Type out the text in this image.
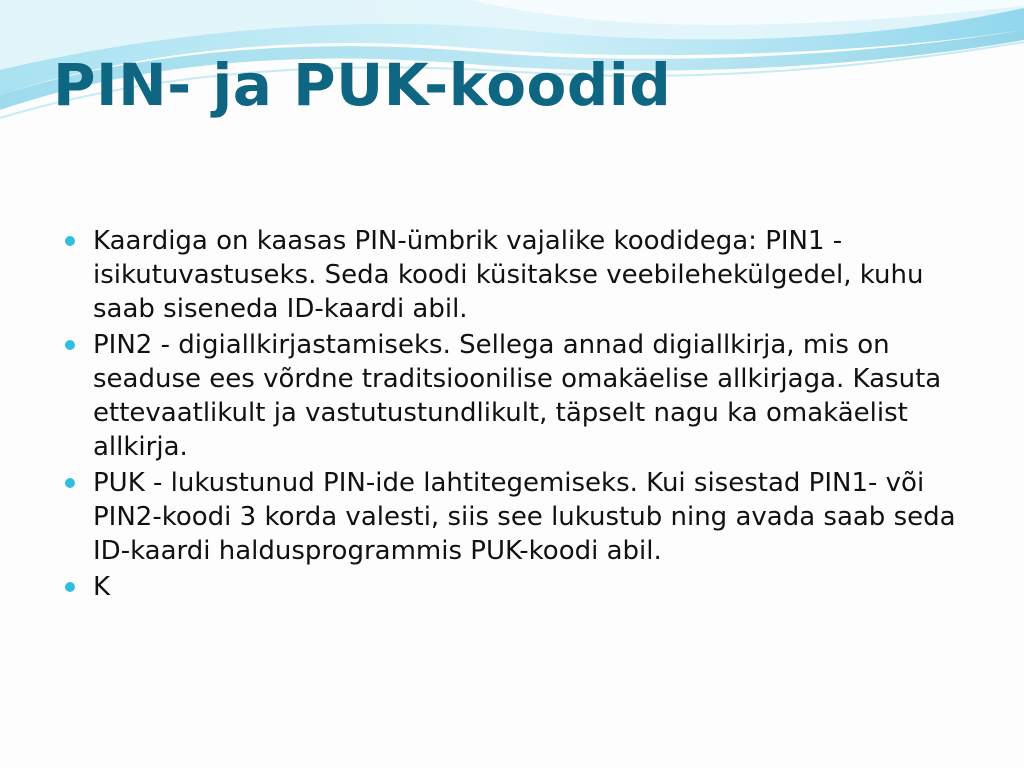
PIN- ja PUK-koodid
Kaardiga on kaasas PIN-ümbrik vajalike koodidega: PIN1 - isikutuvastuseks. Seda koodi küsitakse veebilehekülgedel, kuhu saab siseneda ID-kaardi abil.
PIN2 - digiallkirjastamiseks. Sellega annad digiallkirja, mis on seaduse ees võrdne traditsioonilise omakäelise allkirjaga. Kasuta ettevaatlikult ja vastutustundlikult, täpselt nagu ka omakäelist allkirja.
PUK - lukustunud PIN-ide lahtitegemiseks. Kui sisestad PIN1- või PIN2-koodi 3 korda valesti, siis see lukustub ning avada saab seda ID-kaardi haldusprogrammis PUK-koodi abil.
K
